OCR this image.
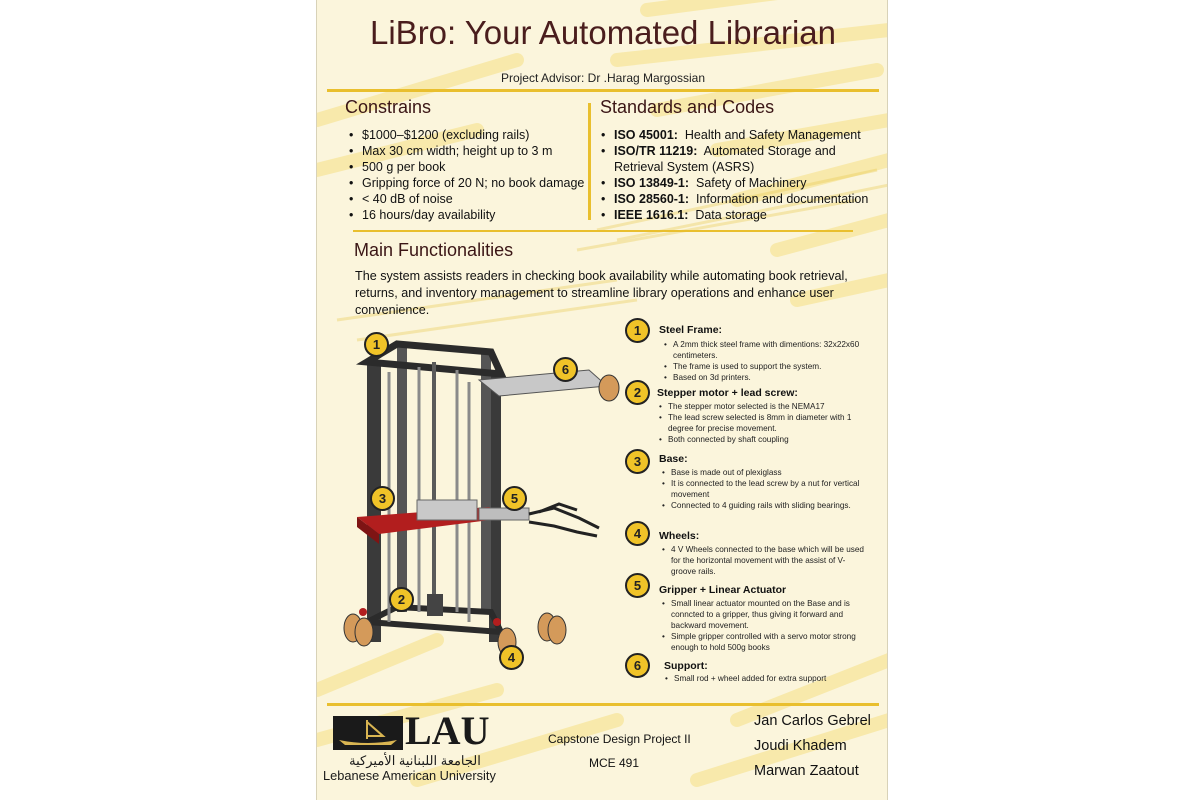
LiBro: Your Automated Librarian
Project Advisor: Dr .Harag Margossian
Constrains
• $1000–$1200 (excluding rails)
• Max 30 cm width; height up to 3 m
• 500 g per book
• Gripping force of 20 N; no book damage
• < 40 dB of noise
• 16 hours/day availability
Standards and Codes
• ISO 45001: Health and Safety Management
• ISO/TR 11219: Automated Storage and Retrieval System (ASRS)
• ISO 13849-1: Safety of Machinery
• ISO 28560-1: Information and documentation
• IEEE 1616.1: Data storage
Main Functionalities
The system assists readers in checking book availability while automating book retrieval, returns, and inventory management to streamline library operations and enhance user convenience.
1
6
3	5
2
4
1	Steel Frame:
• A 2mm thick steel frame with dimentions: 32x22x60 centimeters.
• The frame is used to support the system.
• Based on 3d printers.
2	Stepper motor + lead screw:
• The stepper motor selected is the NEMA17
• The lead screw selected is 8mm in diameter with 1 degree for precise movement.
• Both connected by shaft coupling
3	Base:
• Base is made out of plexiglass
• It is connected to the lead screw by a nut for vertical movement
• Connected to 4 guiding rails with sliding bearings.
4	Wheels:
• 4 V Wheels connected to the base which will be used for the horizontal movement with the assist of V-groove rails.
5	Gripper + Linear Actuator
• Small linear actuator mounted on the Base and is conncted to a gripper, thus giving it forward and backward movement.
• Simple gripper controlled with a servo motor strong enough to hold 500g books
6	Support:
• Small rod + wheel added for extra support
LAU
الجامعة اللبنانية الأميركية
Lebanese American University
Capstone Design Project II
MCE 491
Jan Carlos Gebrel
Joudi Khadem
Marwan Zaatout
